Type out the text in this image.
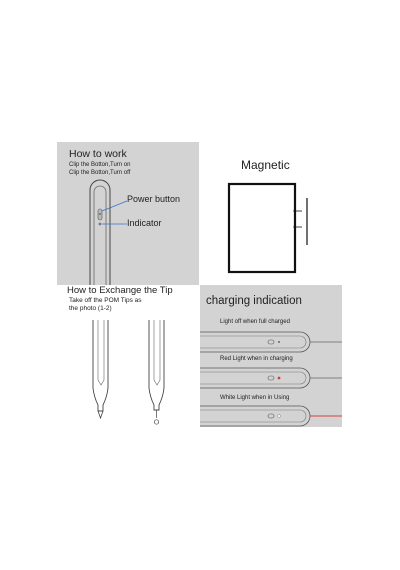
How to work
Clip the Botton,Turn on
Clip the Botton,Turn off
Power button
Indicator
Magnetic
How to Exchange the Tip
Take off the POM Tips as
the photo (1-2)
charging indication
Light off when full charged
Red Light when in charging
White Light when in Using
